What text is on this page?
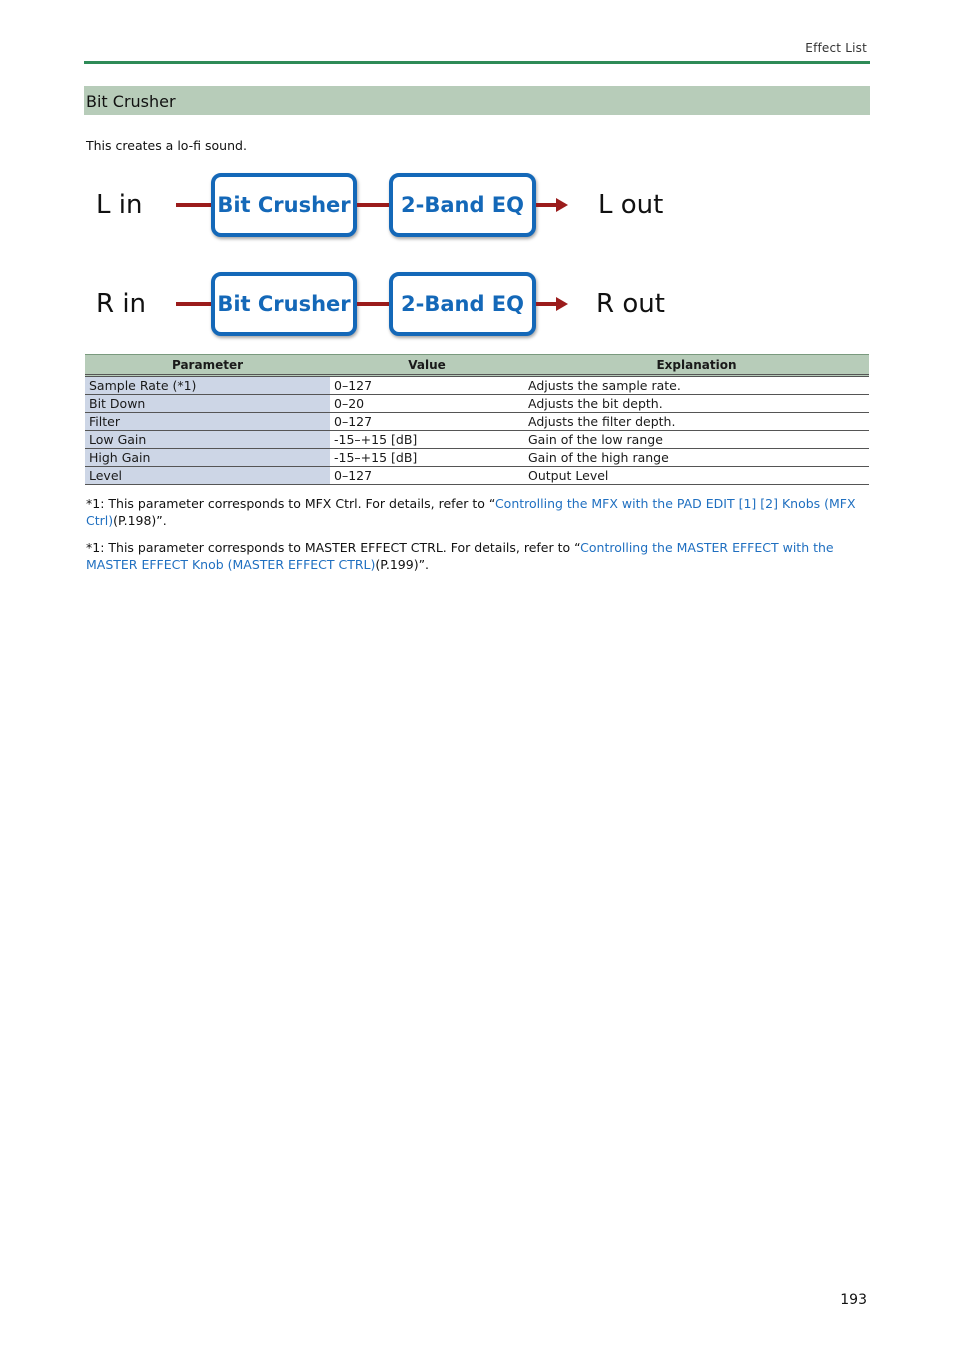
Effect List
Bit Crusher
This creates a lo-fi sound.
L in	Bit Crusher	2-Band EQ	L out
R in	Bit Crusher	2-Band EQ	R out
Parameter	Value	Explanation
Sample Rate (*1)	0–127	Adjusts the sample rate.
Bit Down	0–20	Adjusts the bit depth.
Filter	0–127	Adjusts the filter depth.
Low Gain	-15–+15 [dB]	Gain of the low range
High Gain	-15–+15 [dB]	Gain of the high range
Level	0–127	Output Level

*1: This parameter corresponds to MFX Ctrl. For details, refer to “Controlling the MFX with the PAD EDIT [1] [2] Knobs (MFX Ctrl)(P.198)”.

*1: This parameter corresponds to MASTER EFFECT CTRL. For details, refer to “Controlling the MASTER EFFECT with the MASTER EFFECT Knob (MASTER EFFECT CTRL)(P.199)”.

193
